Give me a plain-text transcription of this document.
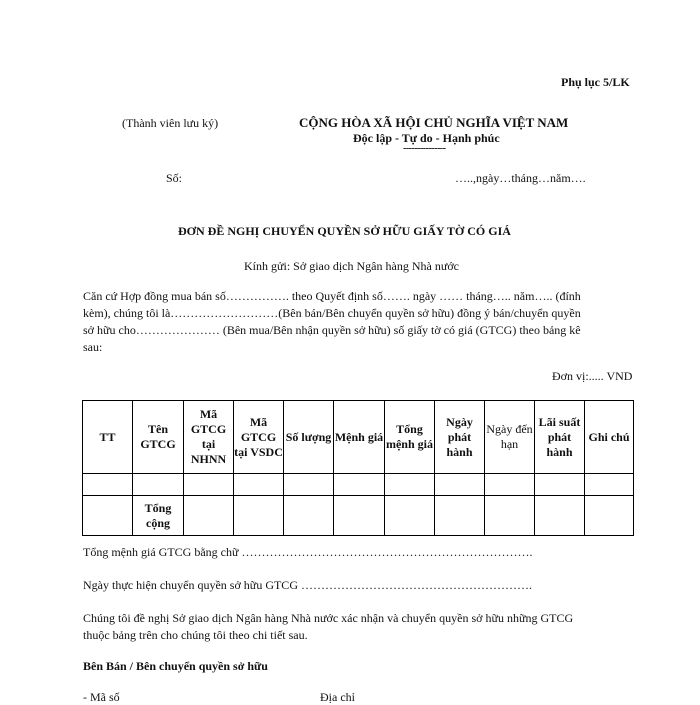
Phụ lục 5/LK
(Thành viên lưu ký)	CỘNG HÒA XÃ HỘI CHỦ NGHĨA VIỆT NAM
Độc lập - Tự do - Hạnh phúc
---------------
Số:	…..,ngày…tháng…năm….
ĐƠN ĐỀ NGHỊ CHUYỂN QUYỀN SỞ HỮU GIẤY TỜ CÓ GIÁ
Kính gửi: Sở giao dịch Ngân hàng Nhà nước
Căn cứ Hợp đồng mua bán số……………. theo Quyết định số……. ngày …… tháng….. năm….. (đính
kèm), chúng tôi là………………………(Bên bán/Bên chuyển quyền sở hữu) đồng ý bán/chuyển quyền
sở hữu cho………………… (Bên mua/Bên nhận quyền sở hữu) số giấy tờ có giá (GTCG) theo bảng kê
sau:
Đơn vị:..... VND
TT	Tên GTCG	Mã GTCG tại NHNN	Mã GTCG tại VSDC	Số lượng	Mệnh giá	Tổng mệnh giá	Ngày phát hành	Ngày đến hạn	Lãi suất phát hành	Ghi chú

	Tổng cộng									
Tổng mệnh giá GTCG bằng chữ ……………………………………………………………….
Ngày thực hiện chuyển quyền sở hữu GTCG ………………………………………………….
Chúng tôi đề nghị Sở giao dịch Ngân hàng Nhà nước xác nhận và chuyển quyền sở hữu những GTCG
thuộc bảng trên cho chúng tôi theo chi tiết sau.
Bên Bán / Bên chuyển quyền sở hữu
- Mã số	Địa chỉ
